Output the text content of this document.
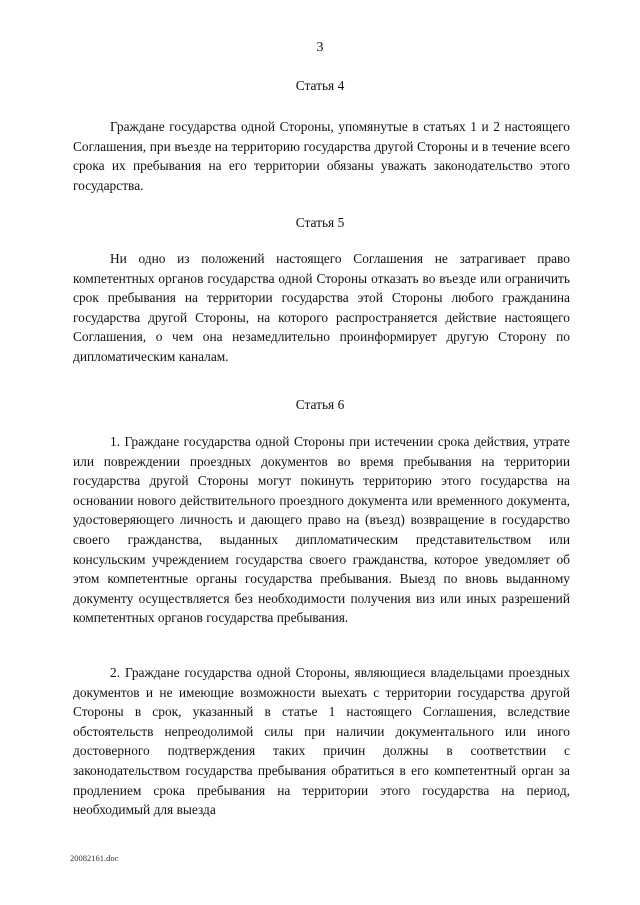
3
Статья 4

Граждане государства одной Стороны, упомянутые в статьях 1 и 2 настоящего Соглашения, при въезде на территорию государства другой Стороны и в течение всего срока их пребывания на его территории обязаны уважать законодательство этого государства.

Статья 5

Ни одно из положений настоящего Соглашения не затрагивает право компетентных органов государства одной Стороны отказать во въезде или ограничить срок пребывания на территории государства этой Стороны любого гражданина государства другой Стороны, на которого распространяется действие настоящего Соглашения, о чем она незамедлительно проинформирует другую Сторону по дипломатическим каналам.

Статья 6

1. Граждане государства одной Стороны при истечении срока действия, утрате или повреждении проездных документов во время пребывания на территории государства другой Стороны могут покинуть территорию этого государства на основании нового действительного проездного документа или временного документа, удостоверяющего личность и дающего право на (въезд) возвращение в государство своего гражданства, выданных дипломатическим представительством или консульским учреждением государства своего гражданства, которое уведомляет об этом компетентные органы государства пребывания. Выезд по вновь выданному документу осуществляется без необходимости получения виз или иных разрешений компетентных органов государства пребывания.

2. Граждане государства одной Стороны, являющиеся владельцами проездных документов и не имеющие возможности выехать с территории государства другой Стороны в срок, указанный в статье 1 настоящего Соглашения, вследствие обстоятельств непреодолимой силы при наличии документального или иного достоверного подтверждения таких причин должны в соответствии с законодательством государства пребывания обратиться в его компетентный орган за продлением срока пребывания на территории этого государства на период, необходимый для выезда

20082161.doc
